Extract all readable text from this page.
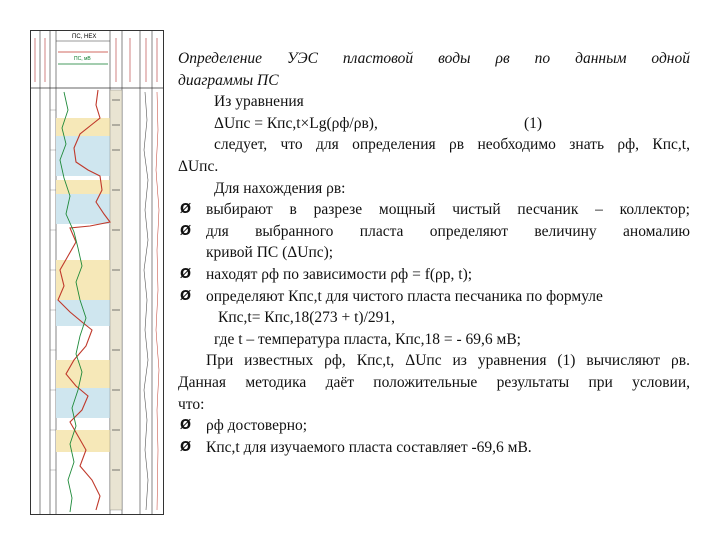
ПС, НЕХ
ПС, мВ	Определение УЭС пластовой воды ρв по данным одной
диаграммы ПС
Из уравнения
ΔUпс = Кпс,t×Lg(ρф/ρв),	(1)
следует, что для определения ρв необходимо знать ρф, Кпс,t,
ΔUпс.
Для нахождения ρв:
Ø выбирают в разрезе мощный чистый песчаник – коллектор;
Ø для выбранного пласта определяют величину аномалию
кривой ПС (ΔUпс);
Ø находят ρф по зависимости ρф = f(ρр, t);
Ø определяют Кпс,t для чистого пласта песчаника по формуле
Кпс,t= Кпс,18(273 + t)/291,
где t – температура пласта, Кпс,18 = - 69,6 мВ;
При известных ρф, Кпс,t, ΔUпс из уравнения (1) вычисляют ρв.
Данная методика даёт положительные результаты при условии,
что:
Ø ρф достоверно;
Ø Кпс,t для изучаемого пласта составляет -69,6 мВ.
